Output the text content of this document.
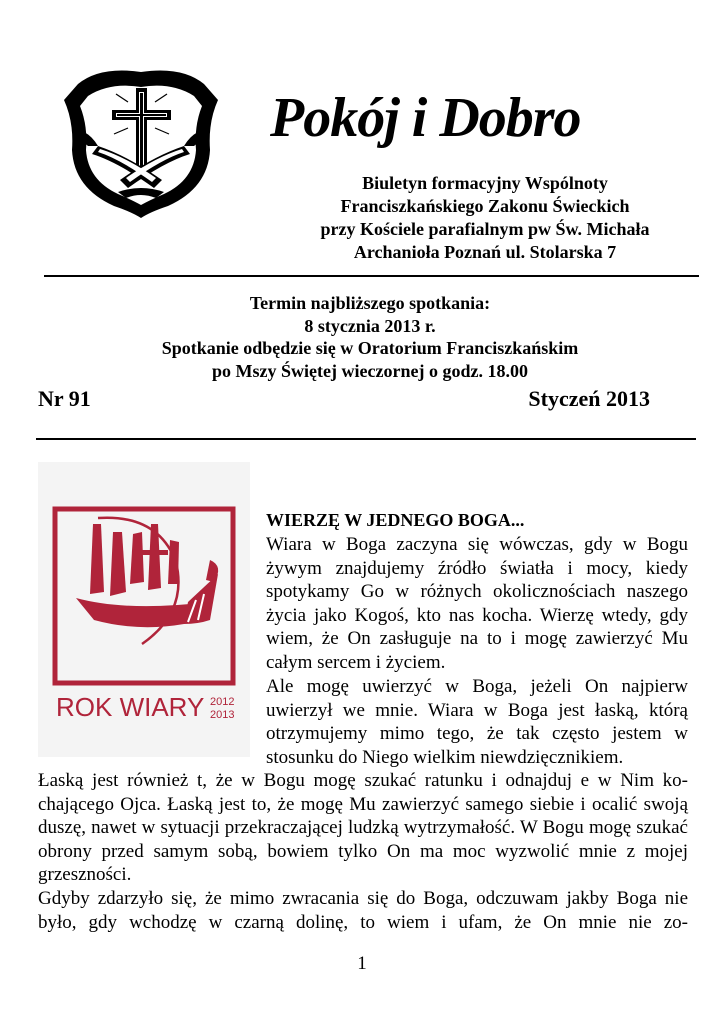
Pokój i Dobro
Biuletyn formacyjny Wspólnoty
Franciszkańskiego Zakonu Świeckich
przy Kościele parafialnym pw Św. Michała
Archanioła Poznań ul. Stolarska 7
Termin najbliższego spotkania:
8 stycznia 2013 r.
Spotkanie odbędzie się w Oratorium Franciszkańskim
po Mszy Świętej wieczornej o godz. 18.00
Nr 91	Styczeń 2013
ROK WIARY 2012
2013
WIERZĘ W JEDNEGO BOGA...
Wiara w Boga zaczyna się wówczas, gdy w Bogu żywym znajdujemy źródło światła i mocy, kiedy spotykamy Go w różnych okolicznościach naszego życia jako Kogoś, kto nas kocha. Wierzę wtedy, gdy wiem, że On zasługuje na to i mogę zawierzyć Mu całym sercem i życiem.
Ale mogę uwierzyć w Boga, jeżeli On najpierw uwierzył we mnie. Wiara w Boga jest łaską, którą otrzymujemy mimo tego, że tak często jestem w stosunku do Niego wielkim niewdzięcznikiem.
Łaską jest również t, że w Bogu mogę szukać ratunku i odnajduj e w Nim kochającego Ojca. Łaską jest to, że mogę Mu zawierzyć samego siebie i ocalić swoją duszę, nawet w sytuacji przekraczającej ludzką wytrzymałość. W Bogu mogę szukać obrony przed samym sobą, bowiem tylko On ma moc wyzwolić mnie z mojej grzeszności.
Gdyby zdarzyło się, że mimo zwracania się do Boga, odczuwam jakby Boga nie było, gdy wchodzę w czarną dolinę, to wiem i ufam, że On mnie nie zo-
1
